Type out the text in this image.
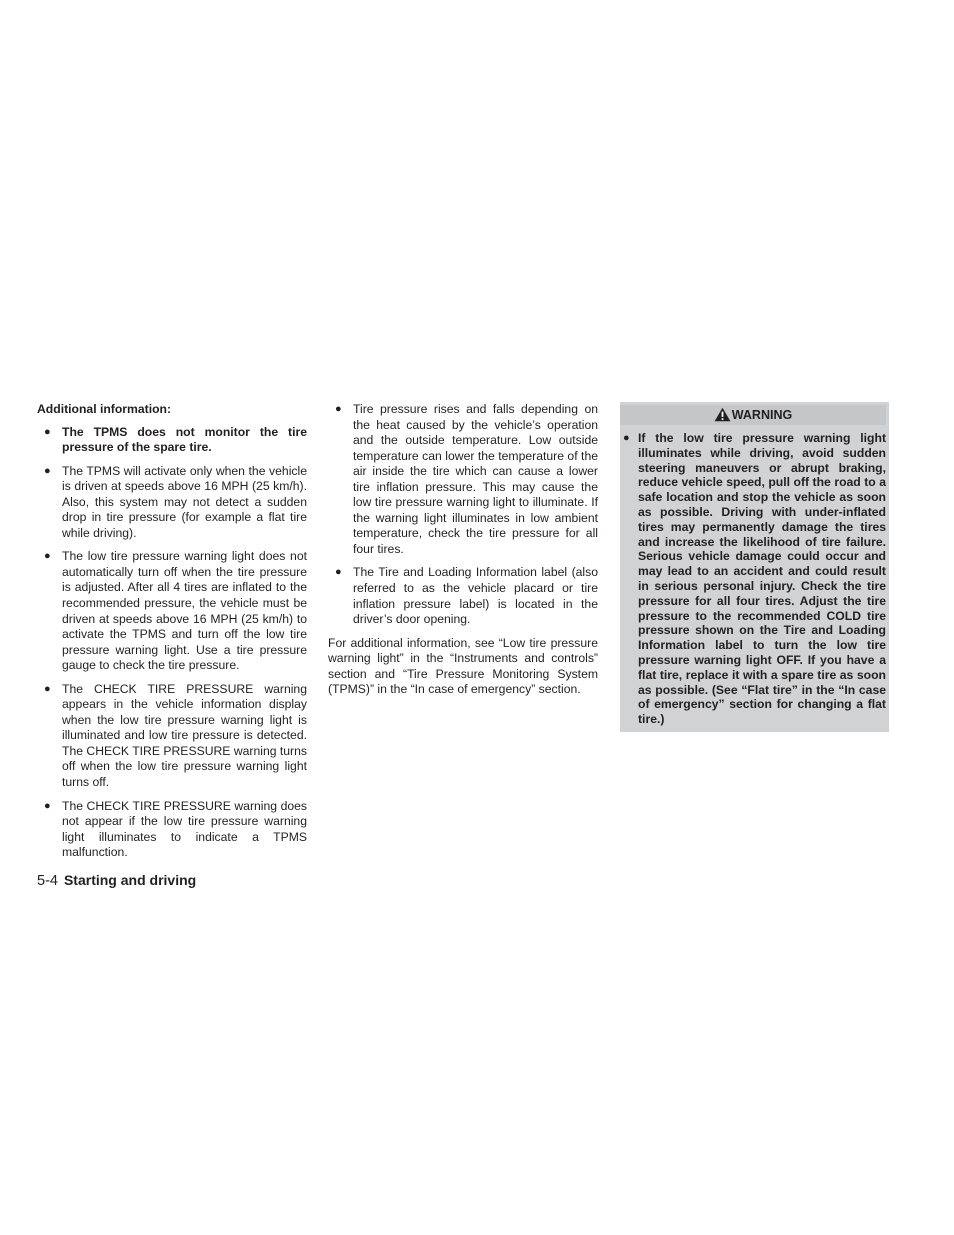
Additional information:

● The TPMS does not monitor the tire pressure of the spare tire.
● The TPMS will activate only when the vehicle is driven at speeds above 16 MPH (25 km/h). Also, this system may not detect a sudden drop in tire pressure (for example a flat tire while driving).
● The low tire pressure warning light does not automatically turn off when the tire pressure is adjusted. After all 4 tires are inflated to the recommended pressure, the vehicle must be driven at speeds above 16 MPH (25 km/h) to activate the TPMS and turn off the low tire pressure warning light. Use a tire pressure gauge to check the tire pressure.
● The CHECK TIRE PRESSURE warning appears in the vehicle information display when the low tire pressure warning light is illuminated and low tire pressure is detected. The CHECK TIRE PRESSURE warning turns off when the low tire pressure warning light turns off.
● The CHECK TIRE PRESSURE warning does not appear if the low tire pressure warning light illuminates to indicate a TPMS malfunction.
● Tire pressure rises and falls depending on the heat caused by the vehicle’s operation and the outside temperature. Low outside temperature can lower the temperature of the air inside the tire which can cause a lower tire inflation pressure. This may cause the low tire pressure warning light to illuminate. If the warning light illuminates in low ambient temperature, check the tire pressure for all four tires.
● The Tire and Loading Information label (also referred to as the vehicle placard or tire inflation pressure label) is located in the driver’s door opening.

For additional information, see “Low tire pressure warning light” in the “Instruments and controls” section and “Tire Pressure Monitoring System (TPMS)” in the “In case of emergency” section.

WARNING
● If the low tire pressure warning light illuminates while driving, avoid sudden steering maneuvers or abrupt braking, reduce vehicle speed, pull off the road to a safe location and stop the vehicle as soon as possible. Driving with under-inflated tires may permanently damage the tires and increase the likelihood of tire failure. Serious vehicle damage could occur and may lead to an accident and could result in serious personal injury. Check the tire pressure for all four tires. Adjust the tire pressure to the recommended COLD tire pressure shown on the Tire and Loading Information label to turn the low tire pressure warning light OFF. If you have a flat tire, replace it with a spare tire as soon as possible. (See “Flat tire” in the “In case of emergency” section for changing a flat tire.)
5-4 Starting and driving
